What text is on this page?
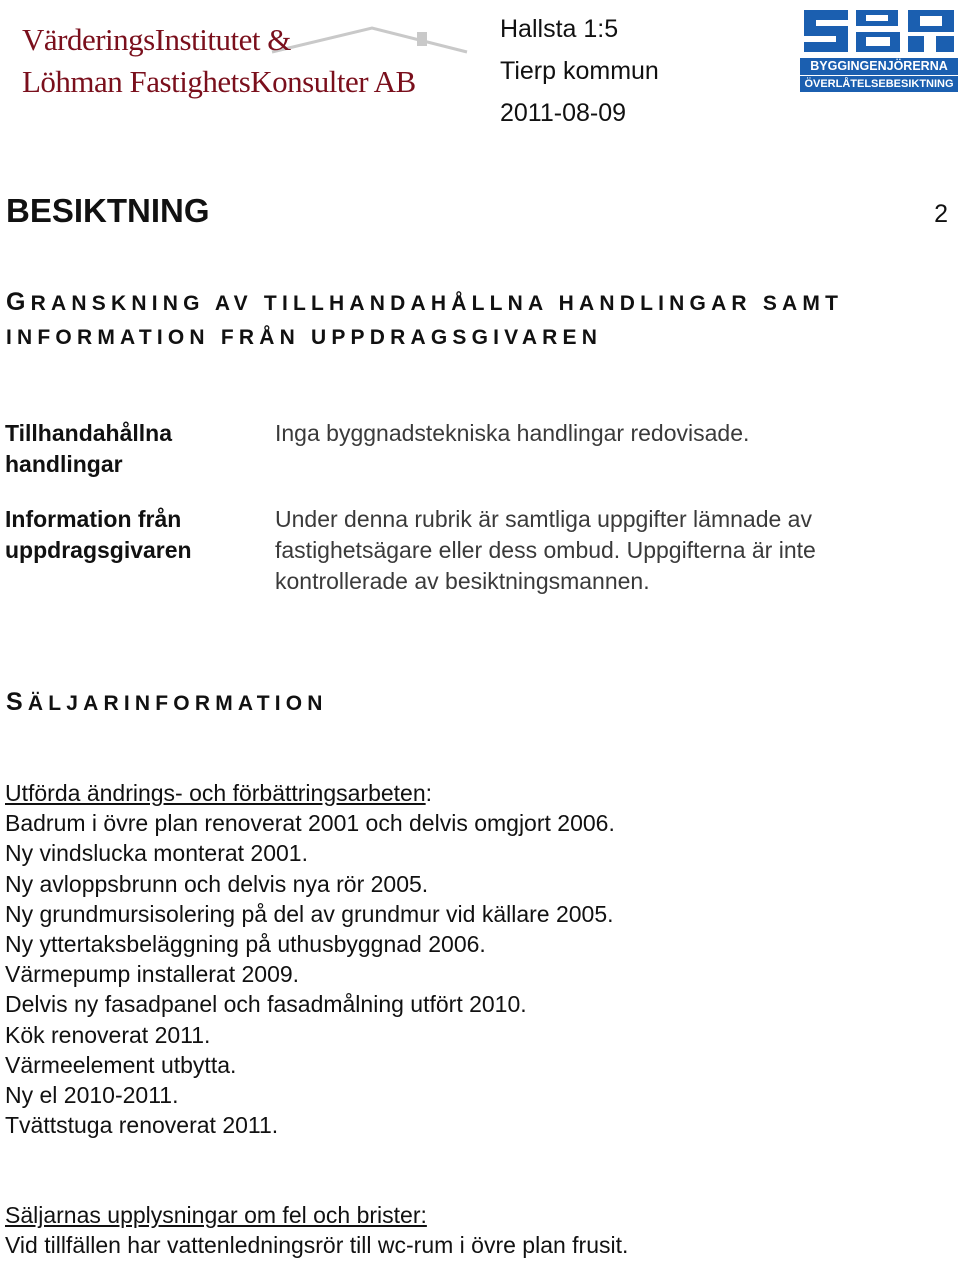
VärderingsInstitutet &
Löhman FastighetsKonsulter AB
Hallsta 1:5
Tierp kommun
2011-08-09
BYGGINGENJÖRERNA
ÖVERLÅTELSEBESIKTNING
BESIKTNING	2
GRANSKNING AV TILLHANDAHÅLLNA HANDLINGAR SAMT
INFORMATION FRÅN UPPDRAGSGIVAREN
Tillhandahållna handlingar
Inga byggnadstekniska handlingar redovisade.
Information från uppdragsgivaren
Under denna rubrik är samtliga uppgifter lämnade av fastighetsägare eller dess ombud. Uppgifterna är inte kontrollerade av besiktningsmannen.
SÄLJARINFORMATION
Utförda ändrings- och förbättringsarbeten:
Badrum i övre plan renoverat 2001 och delvis omgjort 2006.
Ny vindslucka monterat 2001.
Ny avloppsbrunn och delvis nya rör 2005.
Ny grundmursisolering på del av grundmur vid källare 2005.
Ny yttertaksbeläggning på uthusbyggnad 2006.
Värmepump installerat 2009.
Delvis ny fasadpanel och fasadmålning utfört 2010.
Kök renoverat 2011.
Värmeelement utbytta.
Ny el 2010-2011.
Tvättstuga renoverat 2011.
Säljarnas upplysningar om fel och brister:
Vid tillfällen har vattenledningsrör till wc-rum i övre plan frusit.
